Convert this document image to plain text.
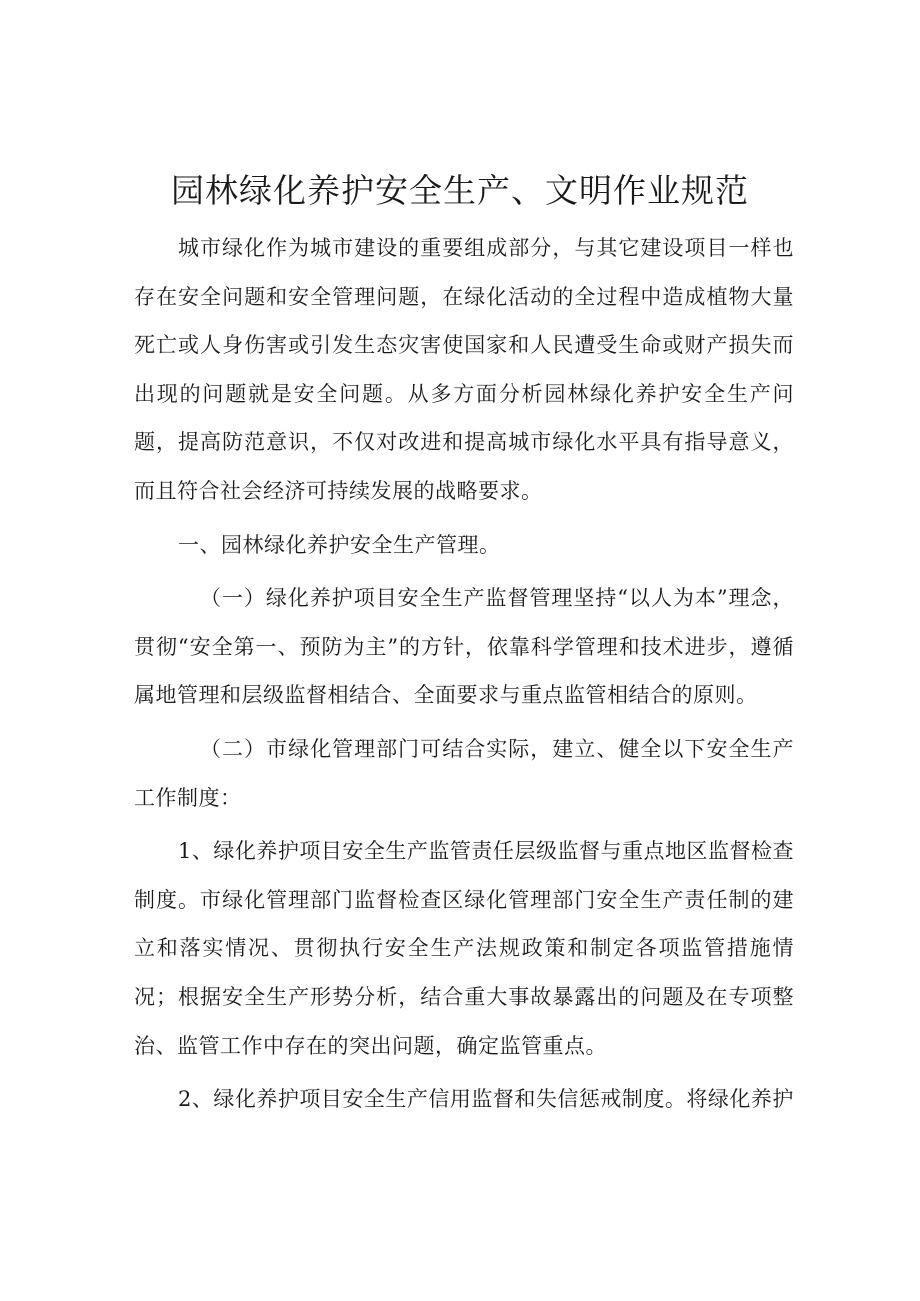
园林绿化养护安全生产、文明作业规范

城市绿化作为城市建设的重要组成部分，与其它建设项目一样也存在安全问题和安全管理问题，在绿化活动的全过程中造成植物大量死亡或人身伤害或引发生态灾害使国家和人民遭受生命或财产损失而出现的问题就是安全问题。从多方面分析园林绿化养护安全生产问题，提高防范意识，不仅对改进和提高城市绿化水平具有指导意义，而且符合社会经济可持续发展的战略要求。

一、园林绿化养护安全生产管理。

（一）绿化养护项目安全生产监督管理坚持“以人为本”理念，贯彻“安全第一、预防为主”的方针，依靠科学管理和技术进步，遵循属地管理和层级监督相结合、全面要求与重点监管相结合的原则。

（二）市绿化管理部门可结合实际，建立、健全以下安全生产工作制度：

1、绿化养护项目安全生产监管责任层级监督与重点地区监督检查制度。市绿化管理部门监督检查区绿化管理部门安全生产责任制的建立和落实情况、贯彻执行安全生产法规政策和制定各项监管措施情况；根据安全生产形势分析，结合重大事故暴露出的问题及在专项整治、监管工作中存在的突出问题，确定监管重点。

2、绿化养护项目安全生产信用监督和失信惩戒制度。将绿化养护
